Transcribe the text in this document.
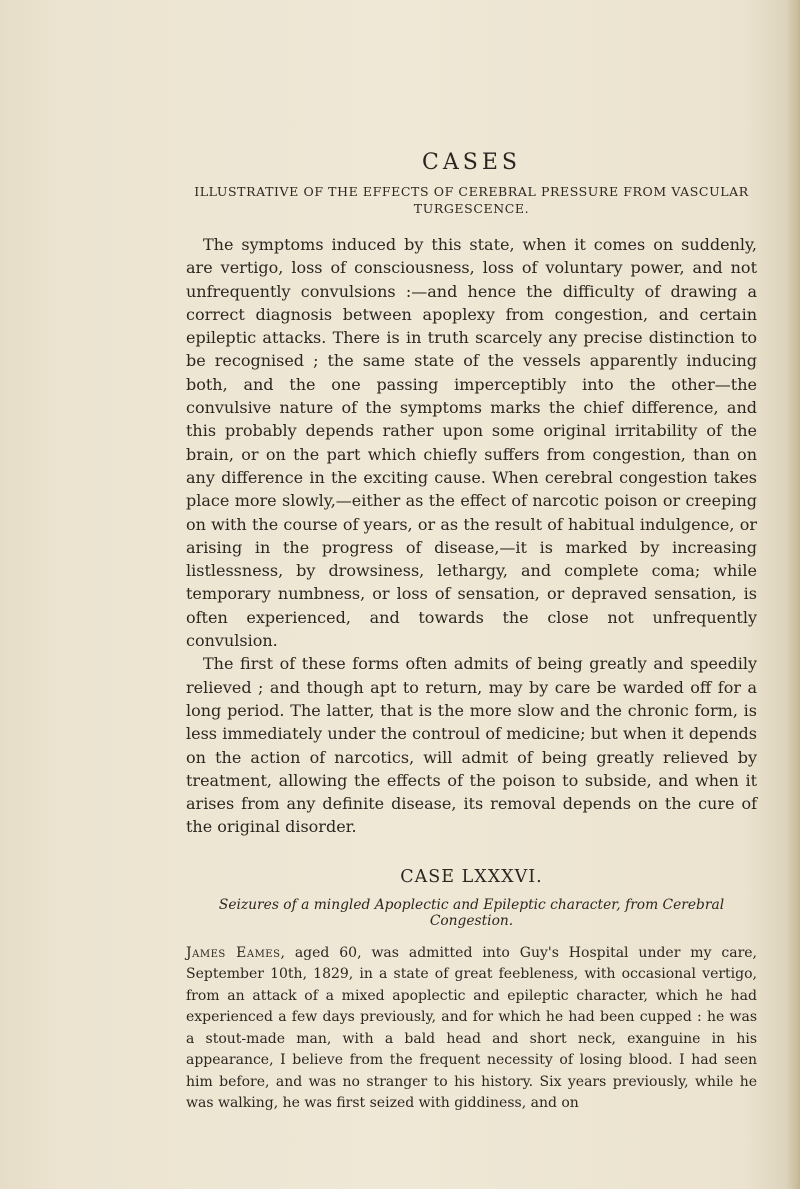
CASES
ILLUSTRATIVE OF THE EFFECTS OF CEREBRAL PRESSURE FROM VASCULAR TURGESCENCE.

The symptoms induced by this state, when it comes on suddenly, are vertigo, loss of consciousness, loss of voluntary power, and not unfrequently convulsions :—and hence the difficulty of drawing a correct diagnosis between apoplexy from congestion, and certain epileptic attacks. There is in truth scarcely any precise distinction to be recognised ; the same state of the vessels apparently inducing both, and the one passing imperceptibly into the other—the convulsive nature of the symptoms marks the chief difference, and this probably depends rather upon some original irritability of the brain, or on the part which chiefly suffers from congestion, than on any difference in the exciting cause. When cerebral congestion takes place more slowly,—either as the effect of narcotic poison or creeping on with the course of years, or as the result of habitual indulgence, or arising in the progress of disease,—it is marked by increasing listlessness, by drowsiness, lethargy, and complete coma; while temporary numbness, or loss of sensation, or depraved sensation, is often experienced, and towards the close not unfrequently convulsion.

The first of these forms often admits of being greatly and speedily relieved ; and though apt to return, may by care be warded off for a long period. The latter, that is the more slow and the chronic form, is less immediately under the controul of medicine; but when it depends on the action of narcotics, will admit of being greatly relieved by treatment, allowing the effects of the poison to subside, and when it arises from any definite disease, its removal depends on the cure of the original disorder.

CASE LXXXVI.
Seizures of a mingled Apoplectic and Epileptic character, from Cerebral Congestion.

James Eames, aged 60, was admitted into Guy's Hospital under my care, September 10th, 1829, in a state of great feebleness, with occasional vertigo, from an attack of a mixed apoplectic and epileptic character, which he had experienced a few days previously, and for which he had been cupped : he was a stout-made man, with a bald head and short neck, exanguine in his appearance, I believe from the frequent necessity of losing blood. I had seen him before, and was no stranger to his history. Six years previously, while he was walking, he was first seized with giddiness, and on
